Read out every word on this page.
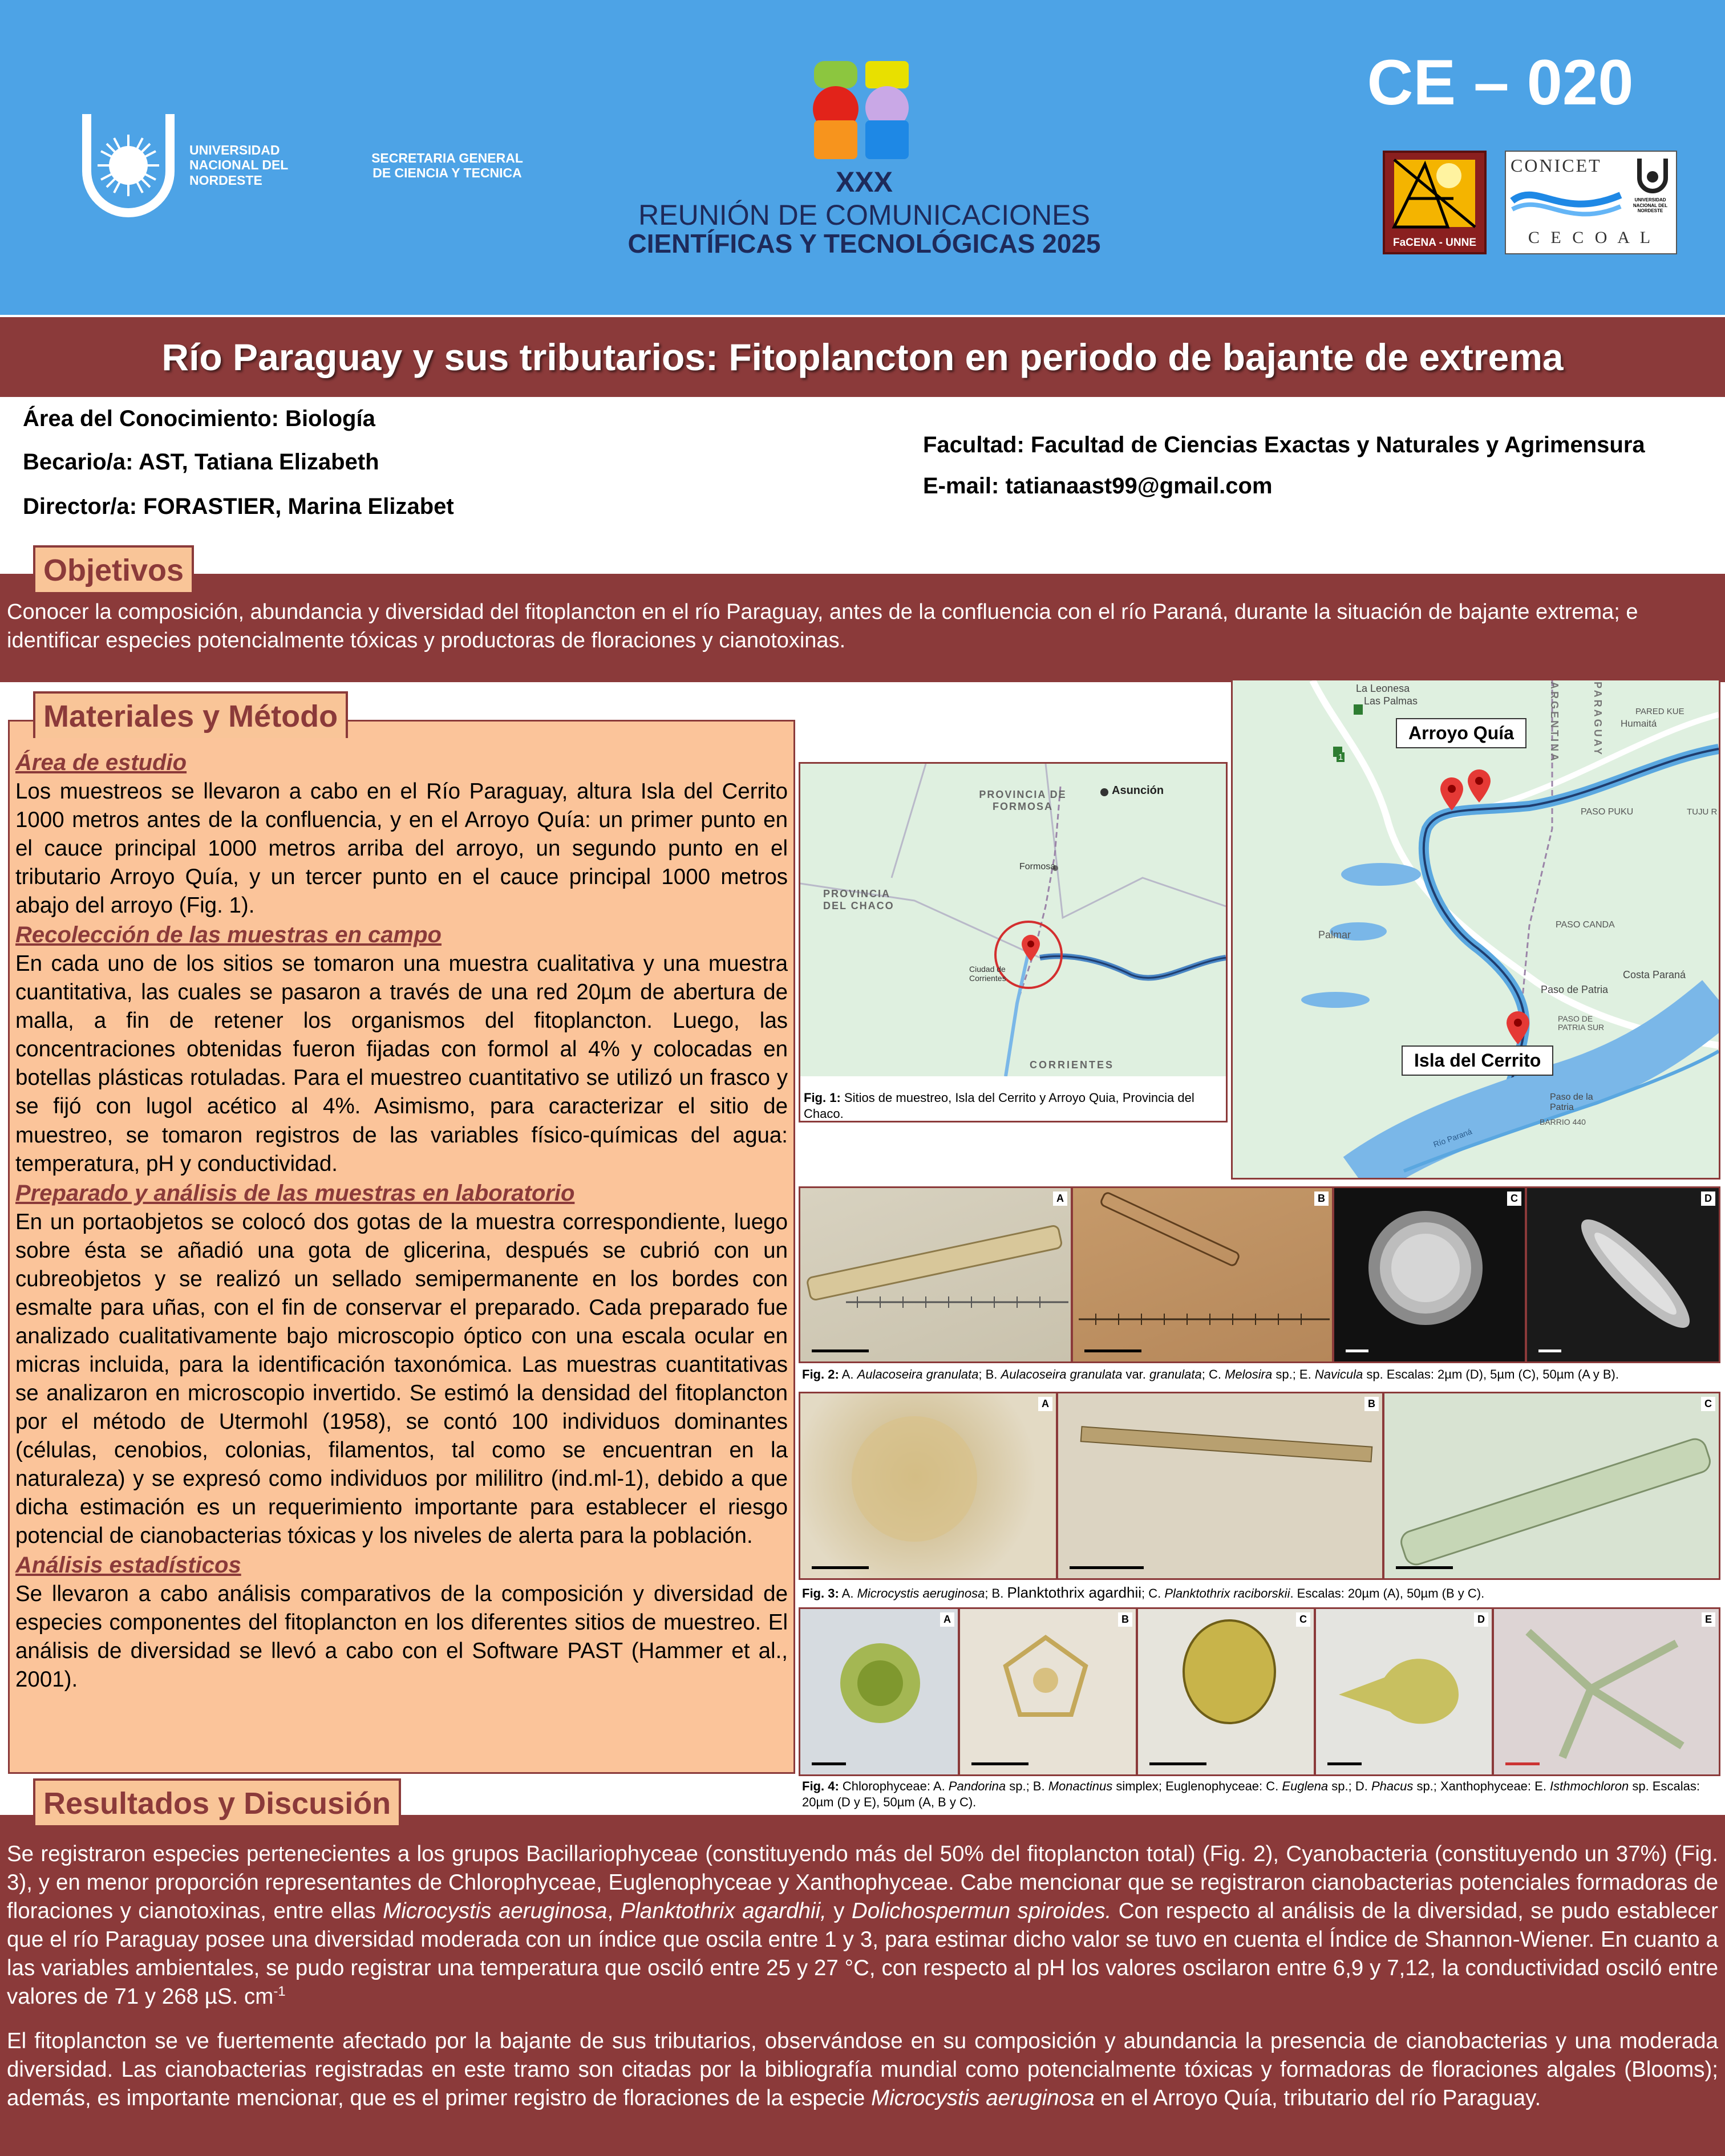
UNIVERSIDAD NACIONAL DEL NORDESTE
SECRETARIA GENERAL DE CIENCIA Y TECNICA	XXX
REUNIÓN DE COMUNICACIONES
CIENTÍFICAS Y TECNOLÓGICAS 2025
CE – 020
FaCENA - UNNE
CONICET
UNIVERSIDAD NACIONAL DEL NORDESTE
C E C O A L
Río Paraguay y sus tributarios: Fitoplancton en periodo de bajante de extrema
Área del Conocimiento: Biología
Becario/a: AST, Tatiana Elizabeth
Director/a: FORASTIER, Marina Elizabet
Facultad: Facultad de Ciencias Exactas y Naturales y Agrimensura
E-mail: tatianaast99@gmail.com
Conocer la composición, abundancia y diversidad del fitoplancton en el río Paraguay, antes de la confluencia con el río Paraná, durante la situación de bajante extrema; e identificar especies potencialmente tóxicas y productoras de floraciones y cianotoxinas.
Objetivos
Área de estudio

Los muestreos se llevaron a cabo en el Río Paraguay, altura Isla del Cerrito 1000 metros antes de la confluencia, y en el Arroyo Quía: un primer punto en el cauce principal 1000 metros arriba del arroyo, un segundo punto en el tributario Arroyo Quía, y un tercer punto en el cauce principal 1000 metros abajo del arroyo (Fig. 1).

Recolección de las muestras en campo

En cada uno de los sitios se tomaron una muestra cualitativa y una muestra cuantitativa, las cuales se pasaron a través de una red 20µm de abertura de malla, a fin de retener los organismos del fitoplancton. Luego, las concentraciones obtenidas fueron fijadas con formol al 4% y colocadas en botellas plásticas rotuladas. Para el muestreo cuantitativo se utilizó un frasco y se fijó con lugol acético al 4%. Asimismo, para caracterizar el sitio de muestreo, se tomaron registros de las variables físico-químicas del agua: temperatura, pH y conductividad.

Preparado y análisis de las muestras en laboratorio

En un portaobjetos se colocó dos gotas de la muestra correspondiente, luego sobre ésta se añadió una gota de glicerina, después se cubrió con un cubreobjetos y se realizó un sellado semipermanente en los bordes con esmalte para uñas, con el fin de conservar el preparado. Cada preparado fue analizado cualitativamente bajo microscopio óptico con una escala ocular en micras incluida, para la identificación taxonómica. Las muestras cuantitativas se analizaron en microscopio invertido. Se estimó la densidad del fitoplancton por el método de Utermohl (1958), se contó 100 individuos dominantes (células, cenobios, colonias, filamentos, tal como se encuentran en la naturaleza) y se expresó como individuos por mililitro (ind.ml-1), debido a que dicha estimación es un requerimiento importante para establecer el riesgo potencial de cianobacterias tóxicas y los niveles de alerta para la población.

Análisis estadísticos

Se llevaron a cabo análisis comparativos de la composición y diversidad de especies componentes del fitoplancton en los diferentes sitios de muestreo. El análisis de diversidad se llevó a cabo con el Software PAST (Hammer et al., 2001).

Materiales y Método
PROVINCIA DE FORMOSA
Asunción
Formosa
PROVINCIA DEL CHACO
Ciudad de Corrientes
CORRIENTES
Fig. 1: Sitios de muestreo, Isla del Cerrito y Arroyo Quia, Provincia del Chaco.
La Leonesa
Las Palmas	ARGENTINA	PARAGUAY Humaitá
PARED KUE
1
Arroyo Quía
PASO PUKU	TUJU R
Palmar
PASO CANDA
Paso de Patria
Costa Paraná
PASO DE PATRIA SUR
Isla del Cerrito
Paso de la Patria
BARRIO 440
Río Paraná
A	B	C	D
Fig. 2: A. Aulacoseira granulata; B. Aulacoseira granulata var. granulata; C. Melosira sp.; E. Navicula sp. Escalas: 2µm (D), 5µm (C), 50µm (A y B).
A	B	C
Fig. 3: A. Microcystis aeruginosa; B. Planktothrix agardhii; C. Planktothrix raciborskii. Escalas: 20µm (A), 50µm (B y C).
A	B	C	D	E
Fig. 4: Chlorophyceae: A. Pandorina sp.; B. Monactinus simplex; Euglenophyceae: C. Euglena sp.; D. Phacus sp.; Xanthophyceae: E. Isthmochloron sp. Escalas: 20µm (D y E), 50µm (A, B y C).

Se registraron especies pertenecientes a los grupos Bacillariophyceae (constituyendo más del 50% del fitoplancton total) (Fig. 2), Cyanobacteria (constituyendo un 37%) (Fig. 3), y en menor proporción representantes de Chlorophyceae, Euglenophyceae y Xanthophyceae. Cabe mencionar que se registraron cianobacterias potenciales formadoras de floraciones y cianotoxinas, entre ellas Microcystis aeruginosa, Planktothrix agardhii, y Dolichospermun spiroides. Con respecto al análisis de la diversidad, se pudo establecer que el río Paraguay posee una diversidad moderada con un índice que oscila entre 1 y 3, para estimar dicho valor se tuvo en cuenta el Índice de Shannon-Wiener. En cuanto a las variables ambientales, se pudo registrar una temperatura que osciló entre 25 y 27 °C, con respecto al pH los valores oscilaron entre 6,9 y 7,12, la conductividad osciló entre valores de 71 y 268 µS. $cm^{-1}$

El fitoplancton se ve fuertemente afectado por la bajante de sus tributarios, observándose en su composición y abundancia la presencia de cianobacterias y una moderada diversidad. Las cianobacterias registradas en este tramo son citadas por la bibliografía mundial como potencialmente tóxicas y formadoras de floraciones algales (Blooms); además, es importante mencionar, que es el primer registro de floraciones de la especie Microcystis aeruginosa en el Arroyo Quía, tributario del río Paraguay.

Resultados y Discusión
